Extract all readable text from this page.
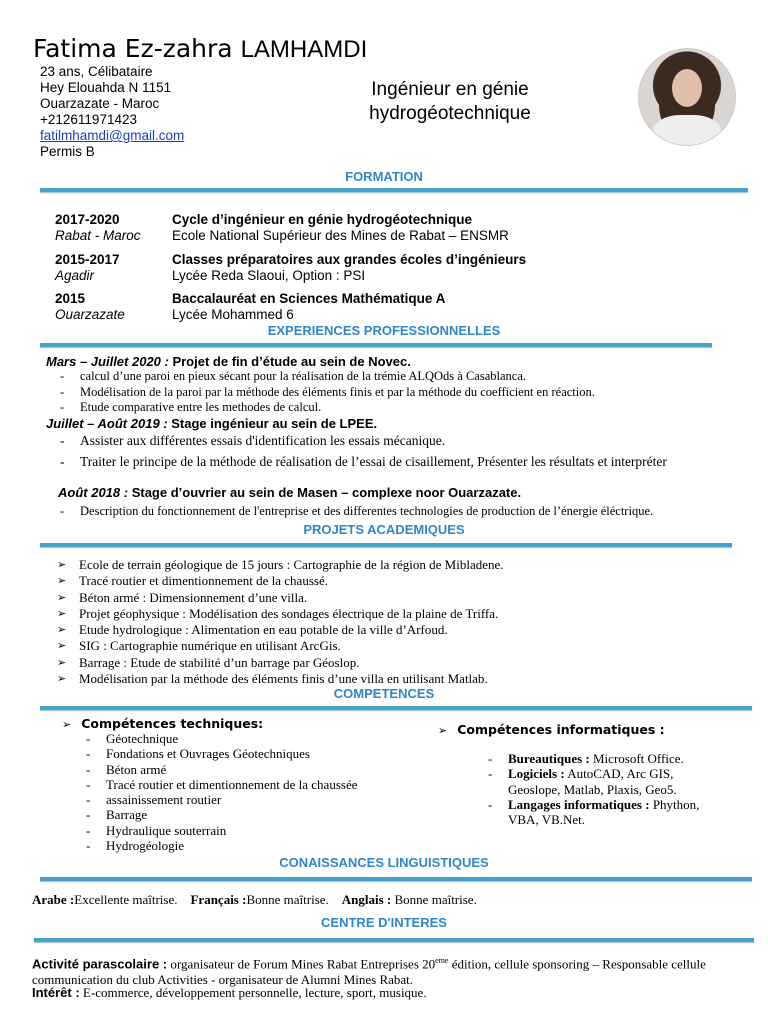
Fatima Ez-zahra LAMHAMDI
23 ans, Célibataire
Hey Elouahda N 1151
Ouarzazate - Maroc
+212611971423
fatilmhamdi@gmail.com
Permis B
Ingénieur en génie
hydrogéotechnique
FORMATION
2017-2020	Cycle d’ingénieur en génie hydrogéotechnique
Rabat - Maroc	Ecole National Supérieur des Mines de Rabat – ENSMR
2015-2017	Classes préparatoires aux grandes écoles d’ingénieurs
Agadir	Lycée Reda Slaoui, Option : PSI
2015	Baccalauréat en Sciences Mathématique A
Ouarzazate	Lycée Mohammed 6
EXPERIENCES PROFESSIONNELLES
Mars – Juillet 2020 : Projet de fin d’étude au sein de Novec.
- calcul d’une paroi en pieux sécant pour la réalisation de la trémie ALQOds à Casablanca.
- Modélisation de la paroi par la méthode des éléments finis et par la méthode du coefficient en réaction.
- Etude comparative entre les methodes de calcul.
Juillet – Août 2019 : Stage ingénieur au sein de LPEE.
- Assister aux différentes essais d'identification les essais mécanique.
- Traiter le principe de la méthode de réalisation de l’essai de cisaillement, Présenter les résultats et interpréter
Août 2018 : Stage d’ouvrier au sein de Masen – complexe noor Ouarzazate.
- Description du fonctionnement de l'entreprise et des differentes technologies de production de l’énergie éléctrique.
PROJETS ACADEMIQUES
➢ Ecole de terrain géologique de 15 jours : Cartographie de la région de Mibladene.
➢ Tracé routier et dimentionnement de la chaussé.
➢ Béton armé : Dimensionnement d’une villa.
➢ Projet géophysique : Modélisation des sondages électrique de la plaine de Triffa.
➢ Etude hydrologique : Alimentation en eau potable de la ville d’Arfoud.
➢ SIG : Cartographie numérique en utilisant ArcGis.
➢ Barrage : Etude de stabilité d’un barrage par Géoslop.
➢ Modélisation par la méthode des éléments finis d’une villa en utilisant Matlab.
COMPETENCES
➢ Compétences techniques:
- Géotechnique
- Fondations et Ouvrages Géotechniques
- Béton armé
- Tracé routier et dimentionnement de la chaussée
- assainissement routier
- Barrage
- Hydraulique souterrain
- Hydrogéologie
➢ Compétences informatiques :
- Bureautiques : Microsoft Office.
- Logiciels : AutoCAD, Arc GIS, Geoslope, Matlab, Plaxis, Geo5.
- Langages informatiques : Phython, VBA, VB.Net.
CONAISSANCES LINGUISTIQUES
Arabe :Excellente maîtrise. Français :Bonne maîtrise. Anglais : Bonne maîtrise.
CENTRE D'INTERES
Activité parascolaire : organisateur de Forum Mines Rabat Entreprises 20eme édition, cellule sponsoring – Responsable cellule communication du club Activities - organisateur de Alumni Mines Rabat.
Intérêt : E-commerce, développement personnelle, lecture, sport, musique.
